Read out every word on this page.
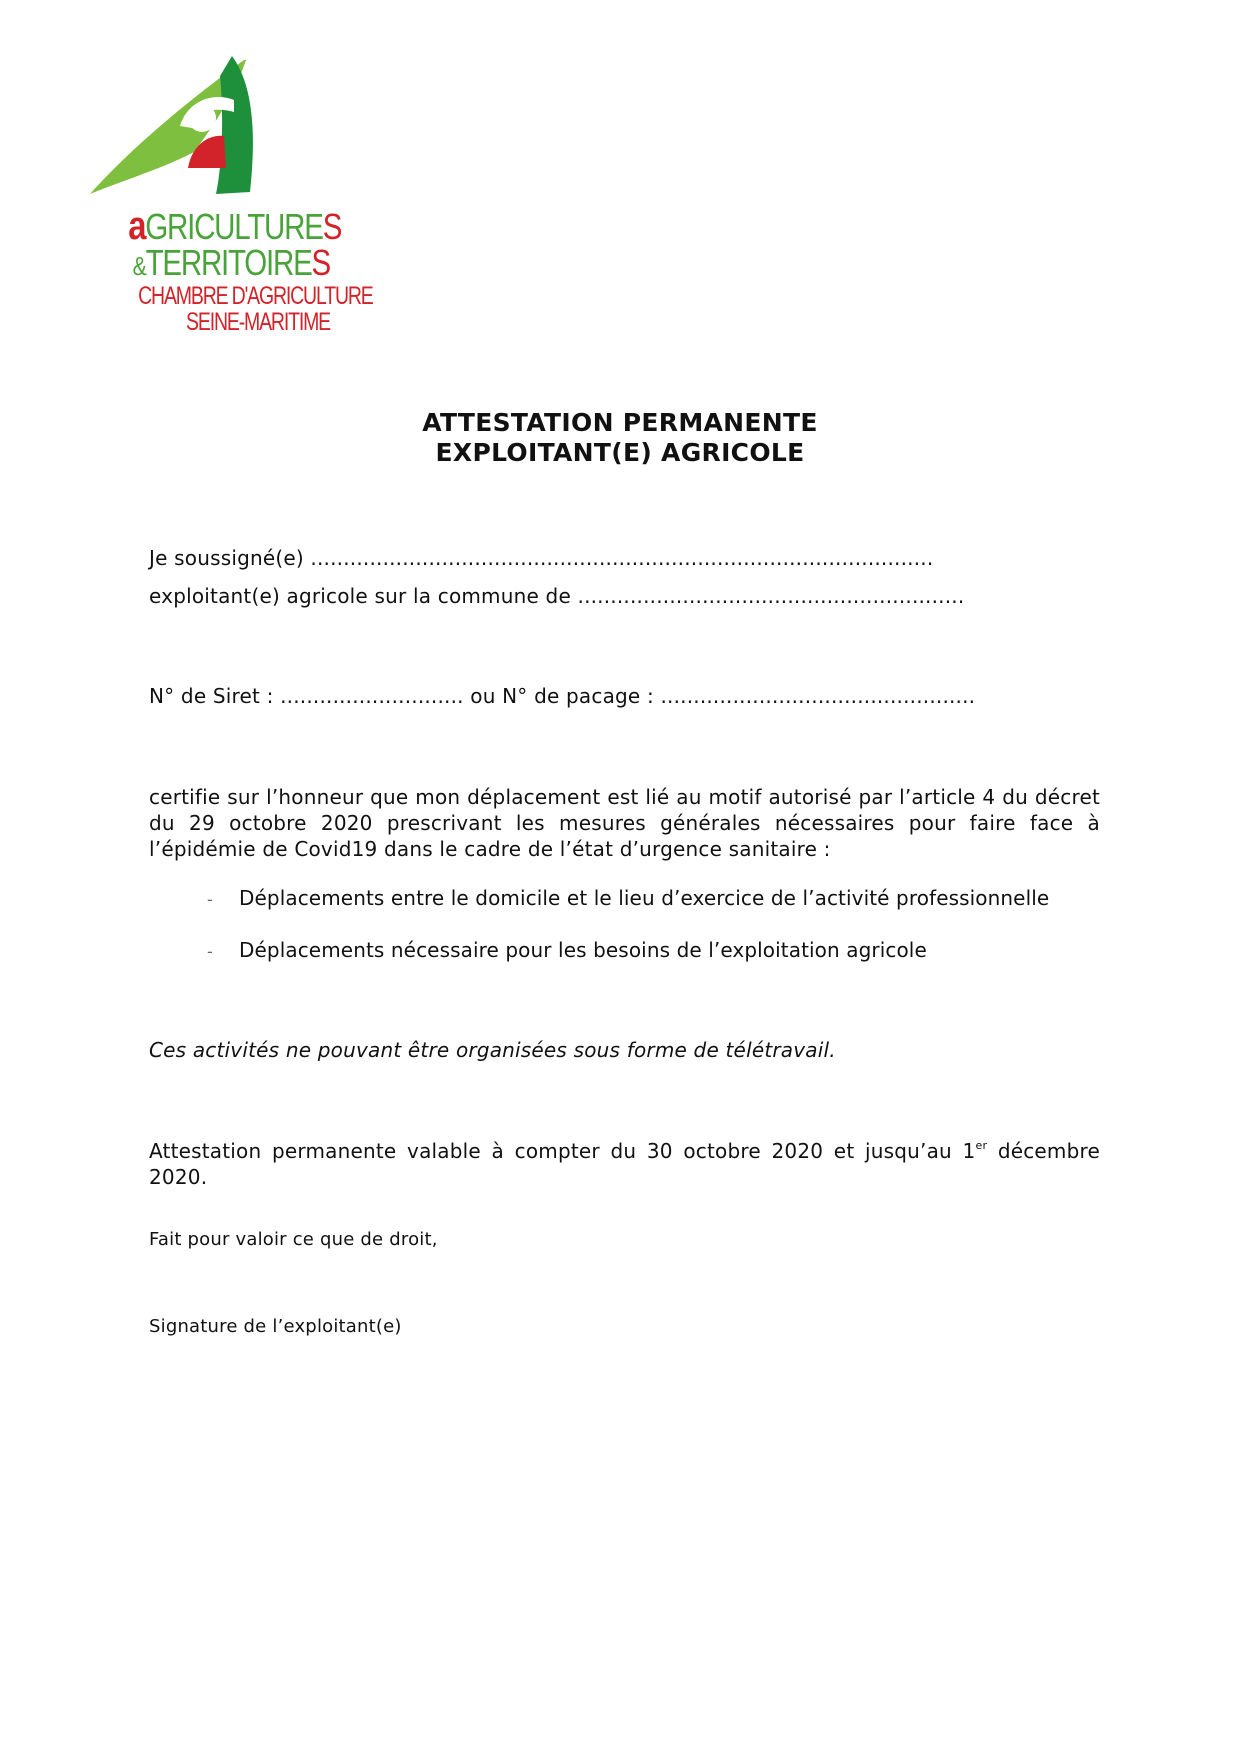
aGRICULTURES
&TERRITOIRES
CHAMBRE D'AGRICULTURE
SEINE-MARITIME
ATTESTATION PERMANENTE
EXPLOITANT(E) AGRICOLE
Je soussigné(e) ...............................................................................................
exploitant(e) agricole sur la commune de ...........................................................
N° de Siret : ............................ ou N° de pacage : ................................................
certifie sur l’honneur que mon déplacement est lié au motif autorisé par l’article 4 du décret du 29 octobre 2020 prescrivant les mesures générales nécessaires pour faire face à l’épidémie de Covid19 dans le cadre de l’état d’urgence sanitaire :
- Déplacements entre le domicile et le lieu d’exercice de l’activité professionnelle
- Déplacements nécessaire pour les besoins de l’exploitation agricole
Ces activités ne pouvant être organisées sous forme de télétravail.
Attestation permanente valable à compter du 30 octobre 2020 et jusqu’au 1er décembre 2020.
Fait pour valoir ce que de droit,
Signature de l’exploitant(e)
